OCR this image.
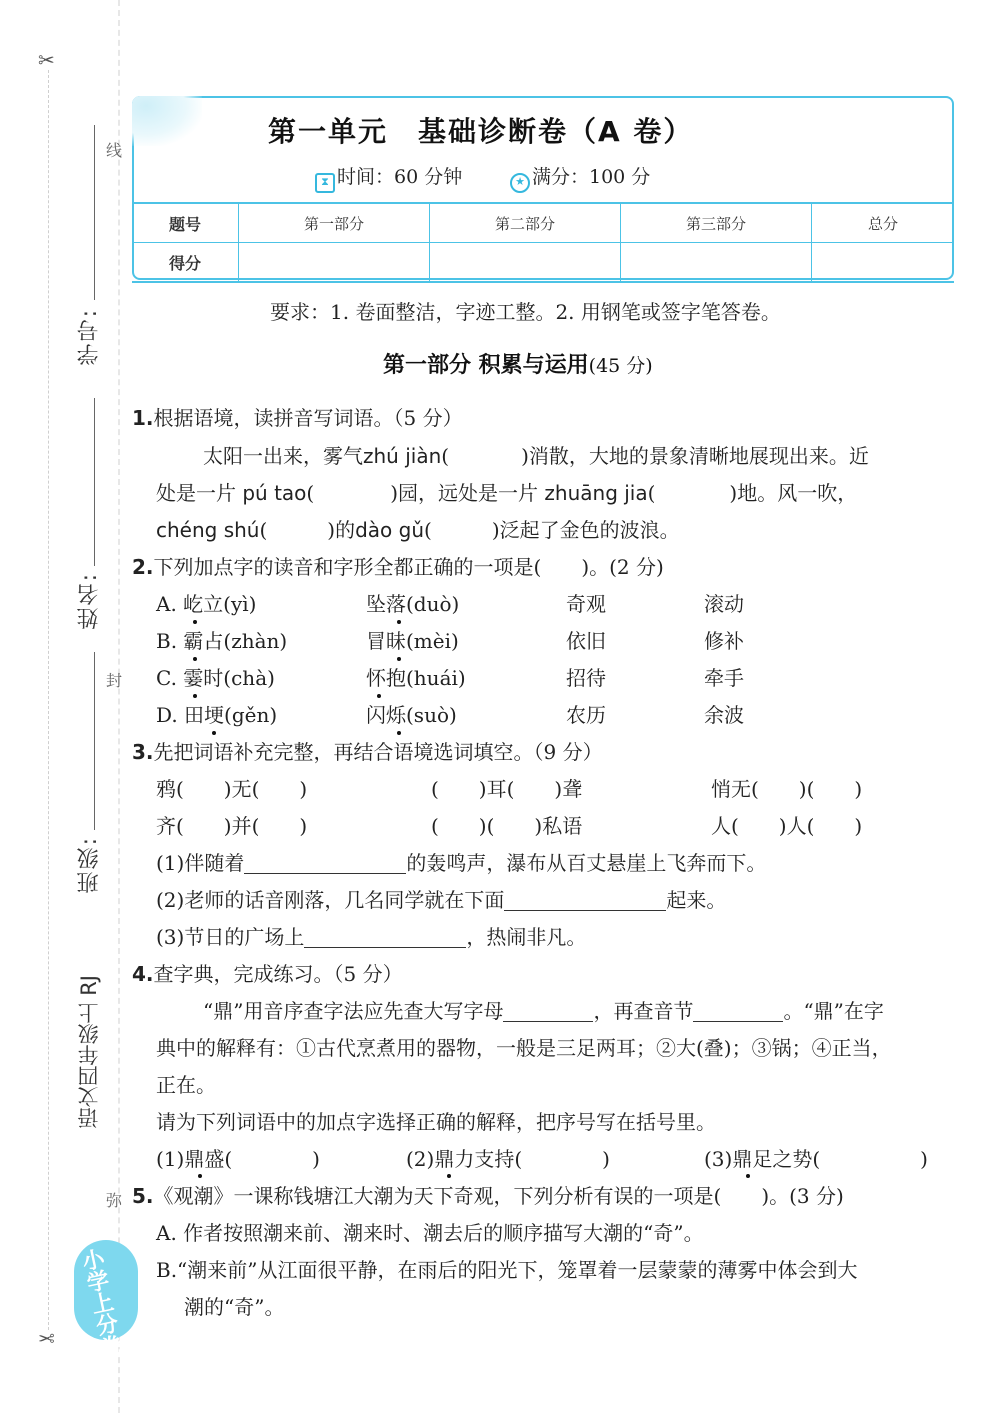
✂
✂
线
封
弥
学号:
姓名:
班级:
语文四年级上 RJ
小学上分卷
第一单元　基础诊断卷（A 卷）
⧗ 时间：60 分钟	★ 满分：100 分
题号	第一部分	第二部分	第三部分	总分
得分				
要求：1. 卷面整洁，字迹工整。2. 用钢笔或签字笔答卷。
第一部分 积累与运用(45 分)
1.根据语境，读拼音写词语。（5 分）
太阳一出来，雾气zhú jiàn(	)消散，大地的景象清晰地展现出来。近
处是一片 pú tao(	)园，远处是一片 zhuāng jia(	)地。风一吹，
chéng shú(	)的dào gǔ(	)泛起了金色的波浪。
2.下列加点字的读音和字形全都正确的一项是(　　)。(2 分)
A. 屹立(yì)	坠落(duò)	奇观	滚动
B. 霸占(zhàn)	冒昧(mèi)	依旧	修补
C. 霎时(chà)	怀抱(huái)	招待	牵手
D. 田埂(gěn)	闪烁(suò)	农历	余波
3.先把词语补充完整，再结合语境选词填空。（9 分）
鸦(　　)无(　　)	(　　)耳(　　)聋	悄无(　　)(　　)
齐(　　)并(　　)	(　　)(　　)私语	人(　　)人(　　)
(1)伴随着	的轰鸣声，瀑布从百丈悬崖上飞奔而下。
(2)老师的话音刚落，几名同学就在下面	起来。
(3)节日的广场上	，热闹非凡。
4.查字典，完成练习。（5 分）
“鼎”用音序查字法应先查大写字母	，再查音节	。“鼎”在字
典中的解释有：①古代烹煮用的器物，一般是三足两耳；②大(叠)；③锅；④正当，
正在。
请为下列词语中的加点字选择正确的解释，把序号写在括号里。
(1)鼎盛(　　　　)	(2)鼎力支持(　　　　)	(3)鼎足之势(　　　　　)
5.《观潮》一课称钱塘江大潮为天下奇观，下列分析有误的一项是(　　)。(3 分)
A. 作者按照潮来前、潮来时、潮去后的顺序描写大潮的“奇”。
B.“潮来前”从江面很平静，在雨后的阳光下，笼罩着一层蒙蒙的薄雾中体会到大
潮的“奇”。
